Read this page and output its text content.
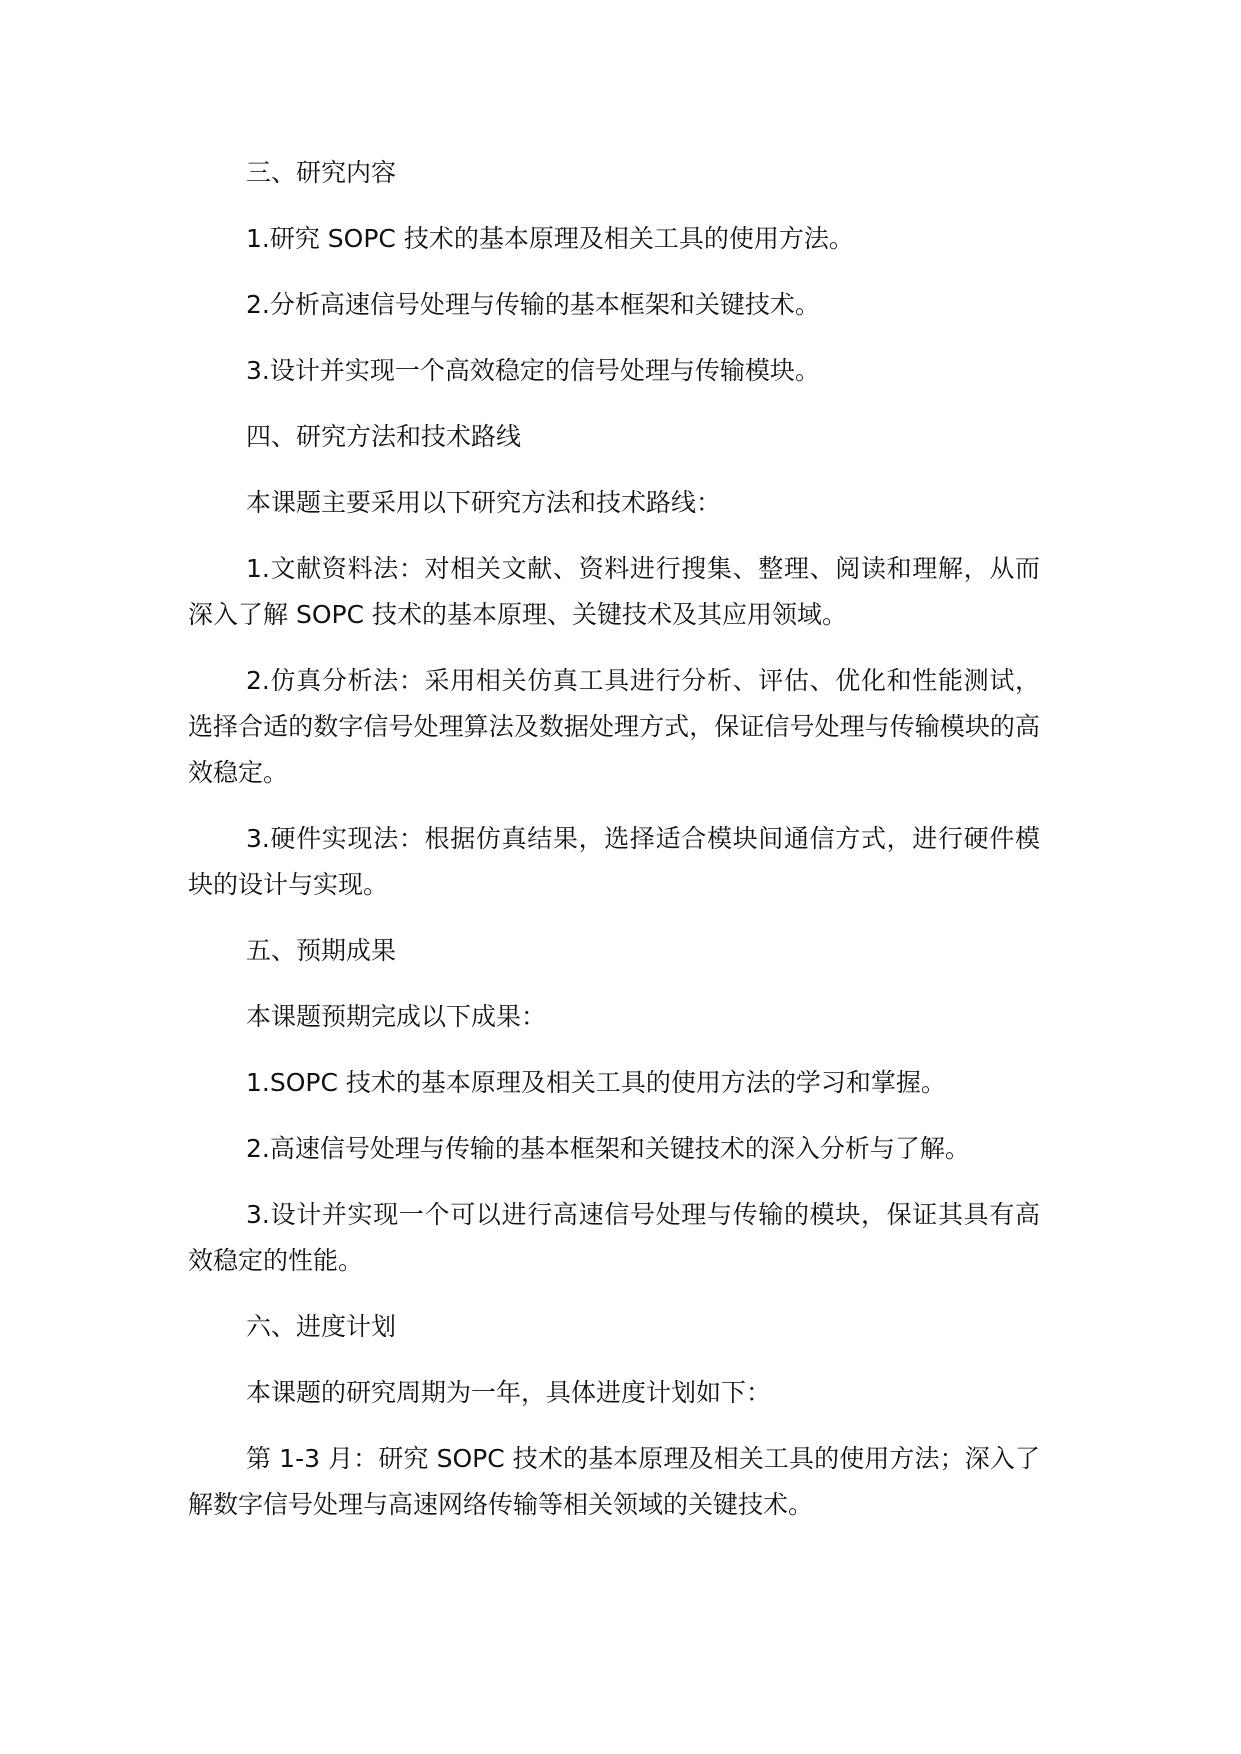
三、研究内容

1.研究 SOPC 技术的基本原理及相关工具的使用方法。

2.分析高速信号处理与传输的基本框架和关键技术。

3.设计并实现一个高效稳定的信号处理与传输模块。

四、研究方法和技术路线

本课题主要采用以下研究方法和技术路线：

1.文献资料法：对相关文献、资料进行搜集、整理、阅读和理解，从而深入了解 SOPC 技术的基本原理、关键技术及其应用领域。

2.仿真分析法：采用相关仿真工具进行分析、评估、优化和性能测试，选择合适的数字信号处理算法及数据处理方式，保证信号处理与传输模块的高效稳定。

3.硬件实现法：根据仿真结果，选择适合模块间通信方式，进行硬件模块的设计与实现。

五、预期成果

本课题预期完成以下成果：

1.SOPC 技术的基本原理及相关工具的使用方法的学习和掌握。

2.高速信号处理与传输的基本框架和关键技术的深入分析与了解。

3.设计并实现一个可以进行高速信号处理与传输的模块，保证其具有高效稳定的性能。

六、进度计划

本课题的研究周期为一年，具体进度计划如下：

第 1-3 月：研究 SOPC 技术的基本原理及相关工具的使用方法；深入了解数字信号处理与高速网络传输等相关领域的关键技术。
